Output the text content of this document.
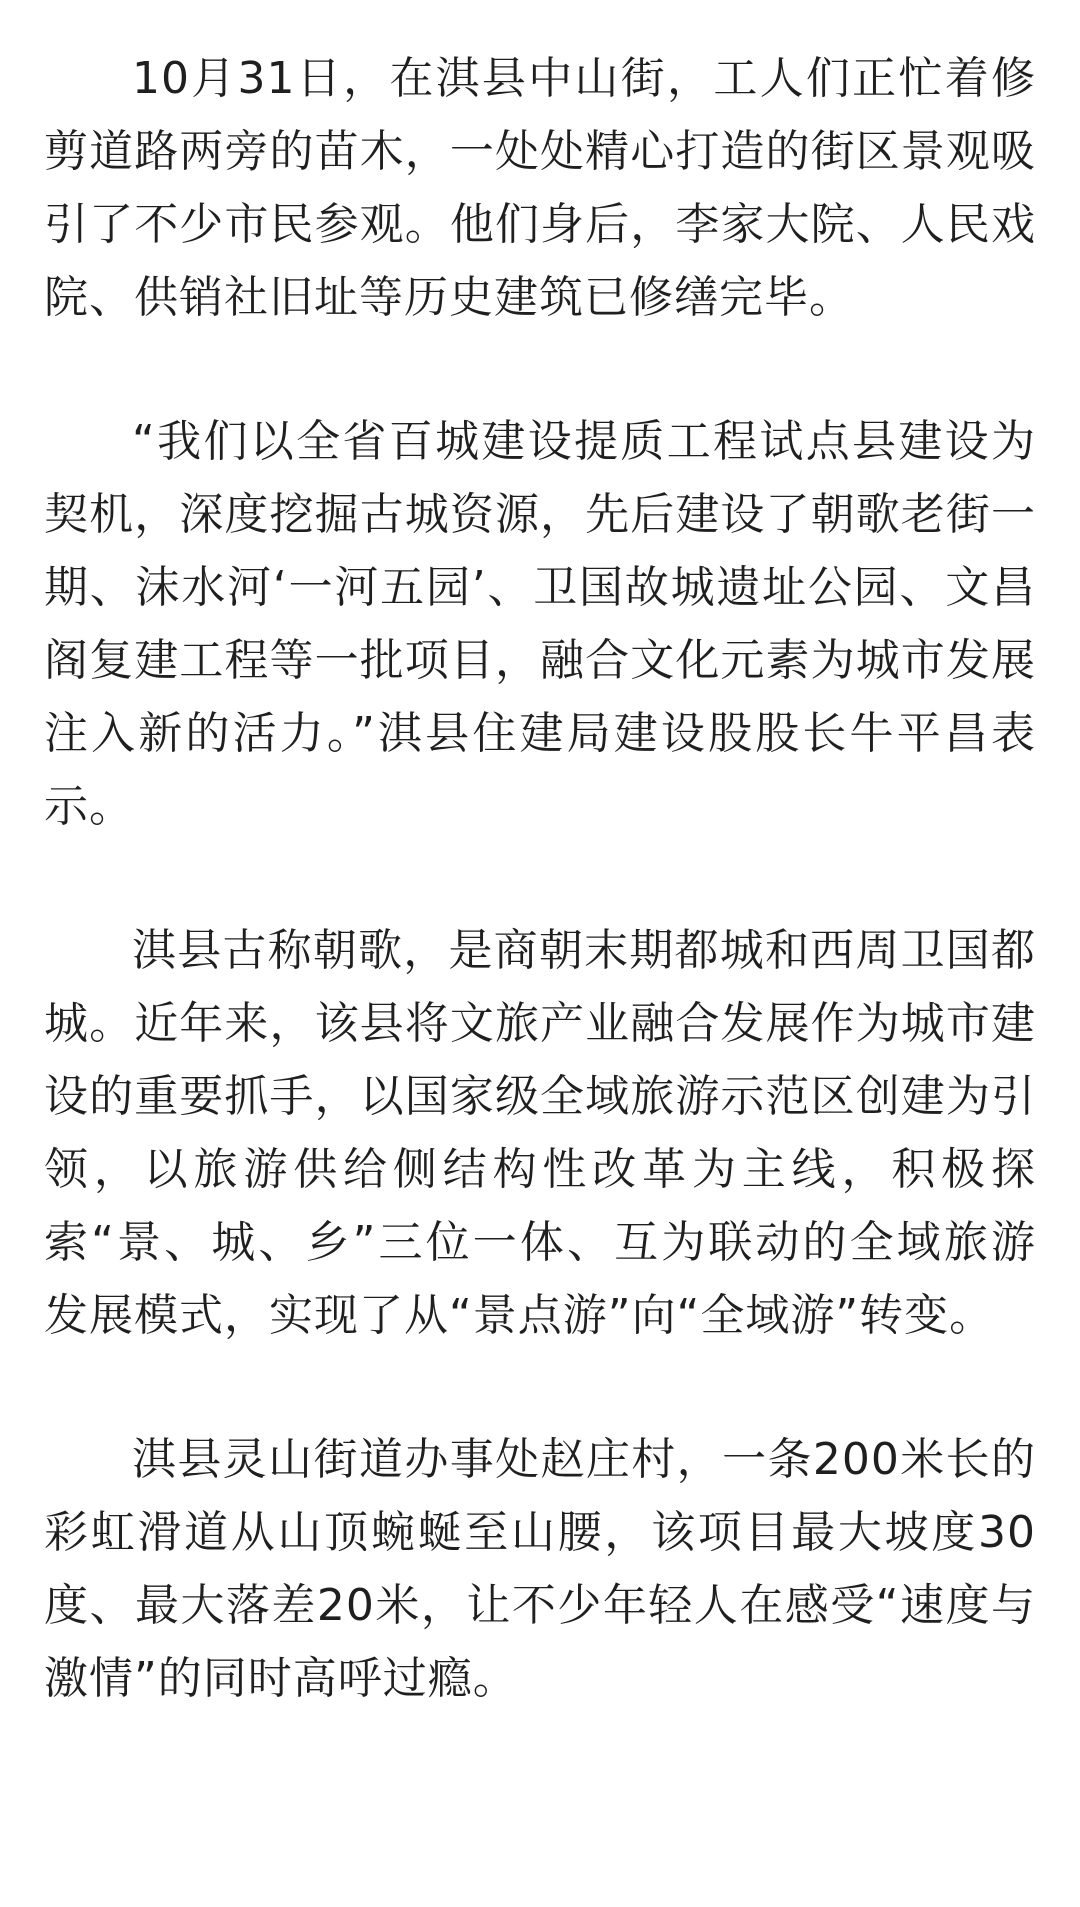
10月31日，在淇县中山街，工人们正忙着修剪道路两旁的苗木，一处处精心打造的街区景观吸引了不少市民参观。他们身后，李家大院、人民戏院、供销社旧址等历史建筑已修缮完毕。

“我们以全省百城建设提质工程试点县建设为契机，深度挖掘古城资源，先后建设了朝歌老街一期、沫水河‘一河五园’、卫国故城遗址公园、文昌阁复建工程等一批项目，融合文化元素为城市发展注入新的活力。”淇县住建局建设股股长牛平昌表示。

淇县古称朝歌，是商朝末期都城和西周卫国都城。近年来，该县将文旅产业融合发展作为城市建设的重要抓手，以国家级全域旅游示范区创建为引领，以旅游供给侧结构性改革为主线，积极探索“景、城、乡”三位一体、互为联动的全域旅游发展模式，实现了从“景点游”向“全域游”转变。

淇县灵山街道办事处赵庄村，一条200米长的彩虹滑道从山顶蜿蜒至山腰，该项目最大坡度30度、最大落差20米，让不少年轻人在感受“速度与激情”的同时高呼过瘾。
